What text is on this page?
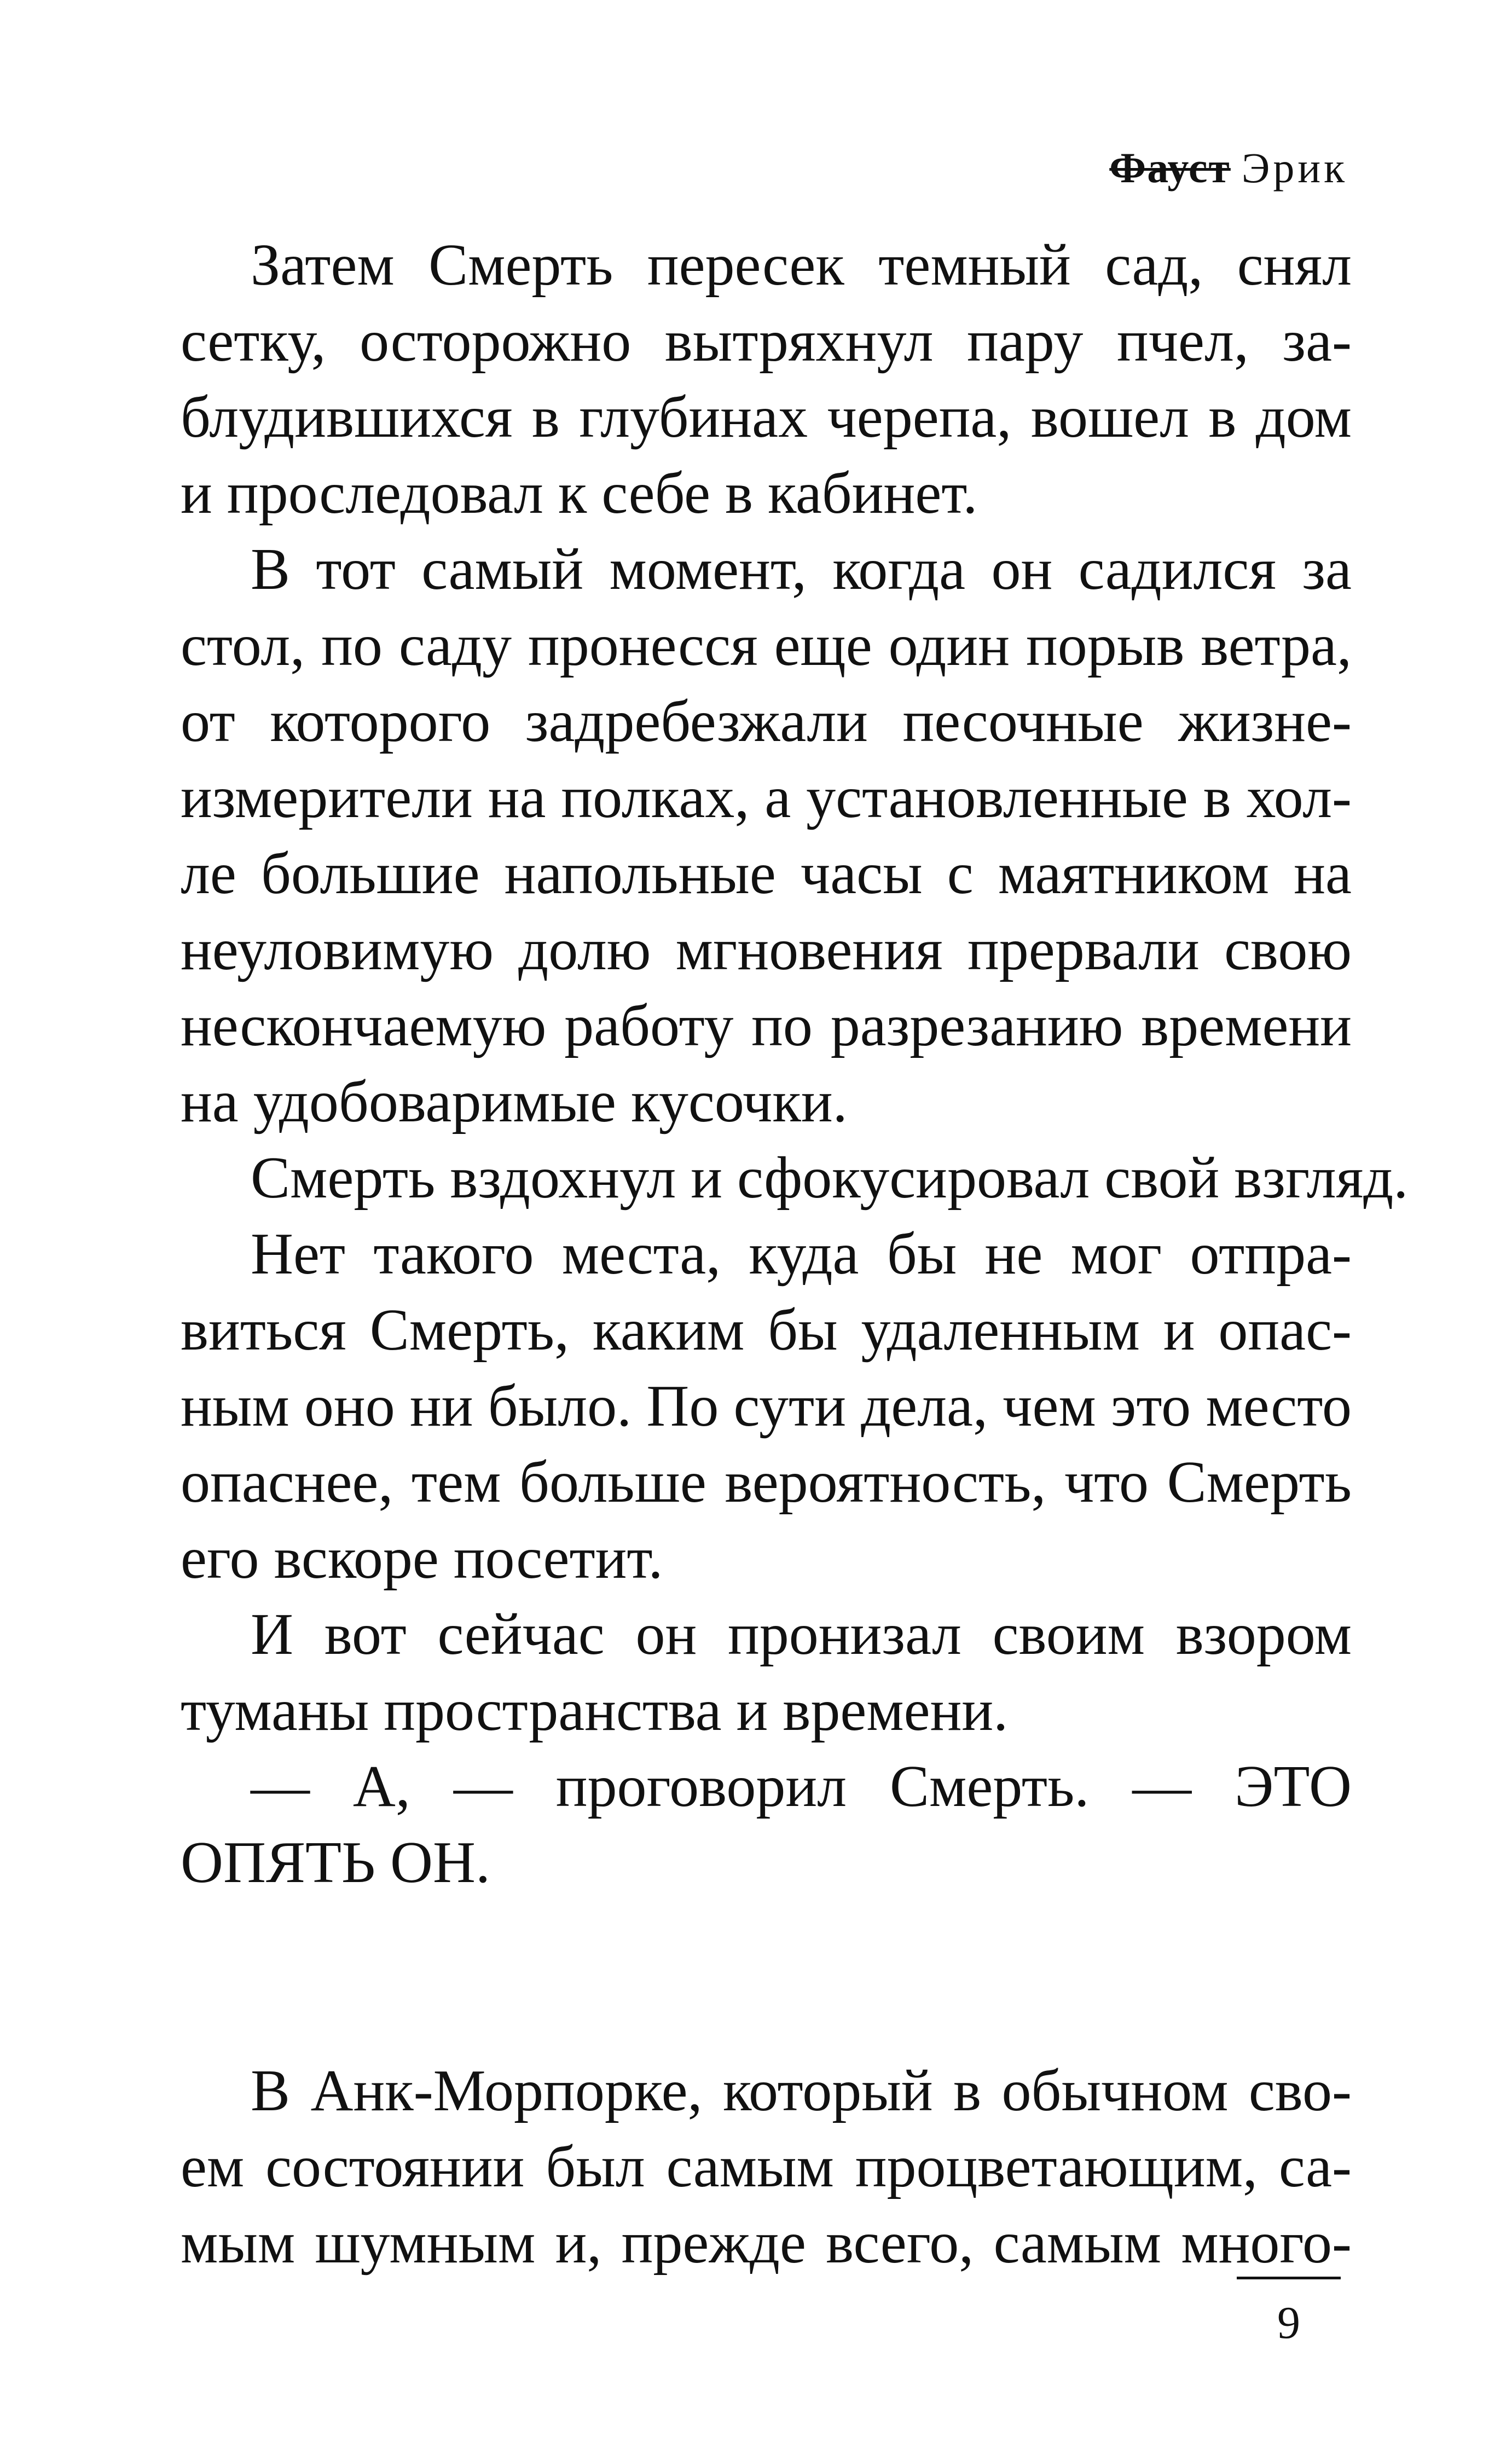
Фауст Эрик
Затем Смерть пересек темный сад, снял
сетку, осторожно вытряхнул пару пчел, за-
блудившихся в глубинах черепа, вошел в дом
и проследовал к себе в кабинет.
В тот самый момент, когда он садился за
стол, по саду пронесся еще один порыв ветра,
от которого задребезжали песочные жизне-
измерители на полках, а установленные в хол-
ле большие напольные часы с маятником на
неуловимую долю мгновения прервали свою
нескончаемую работу по разрезанию времени
на удобоваримые кусочки.
Смерть вздохнул и сфокусировал свой взгляд.
Нет такого места, куда бы не мог отпра-
виться Смерть, каким бы удаленным и опас-
ным оно ни было. По сути дела, чем это место
опаснее, тем больше вероятность, что Смерть
его вскоре посетит.
И вот сейчас он пронизал своим взором
туманы пространства и времени.
— А, — проговорил Смерть. — ЭТО
ОПЯТЬ ОН.
В Анк-Морпорке, который в обычном сво-
ем состоянии был самым процветающим, са-
мым шумным и, прежде всего, самым много-
9
